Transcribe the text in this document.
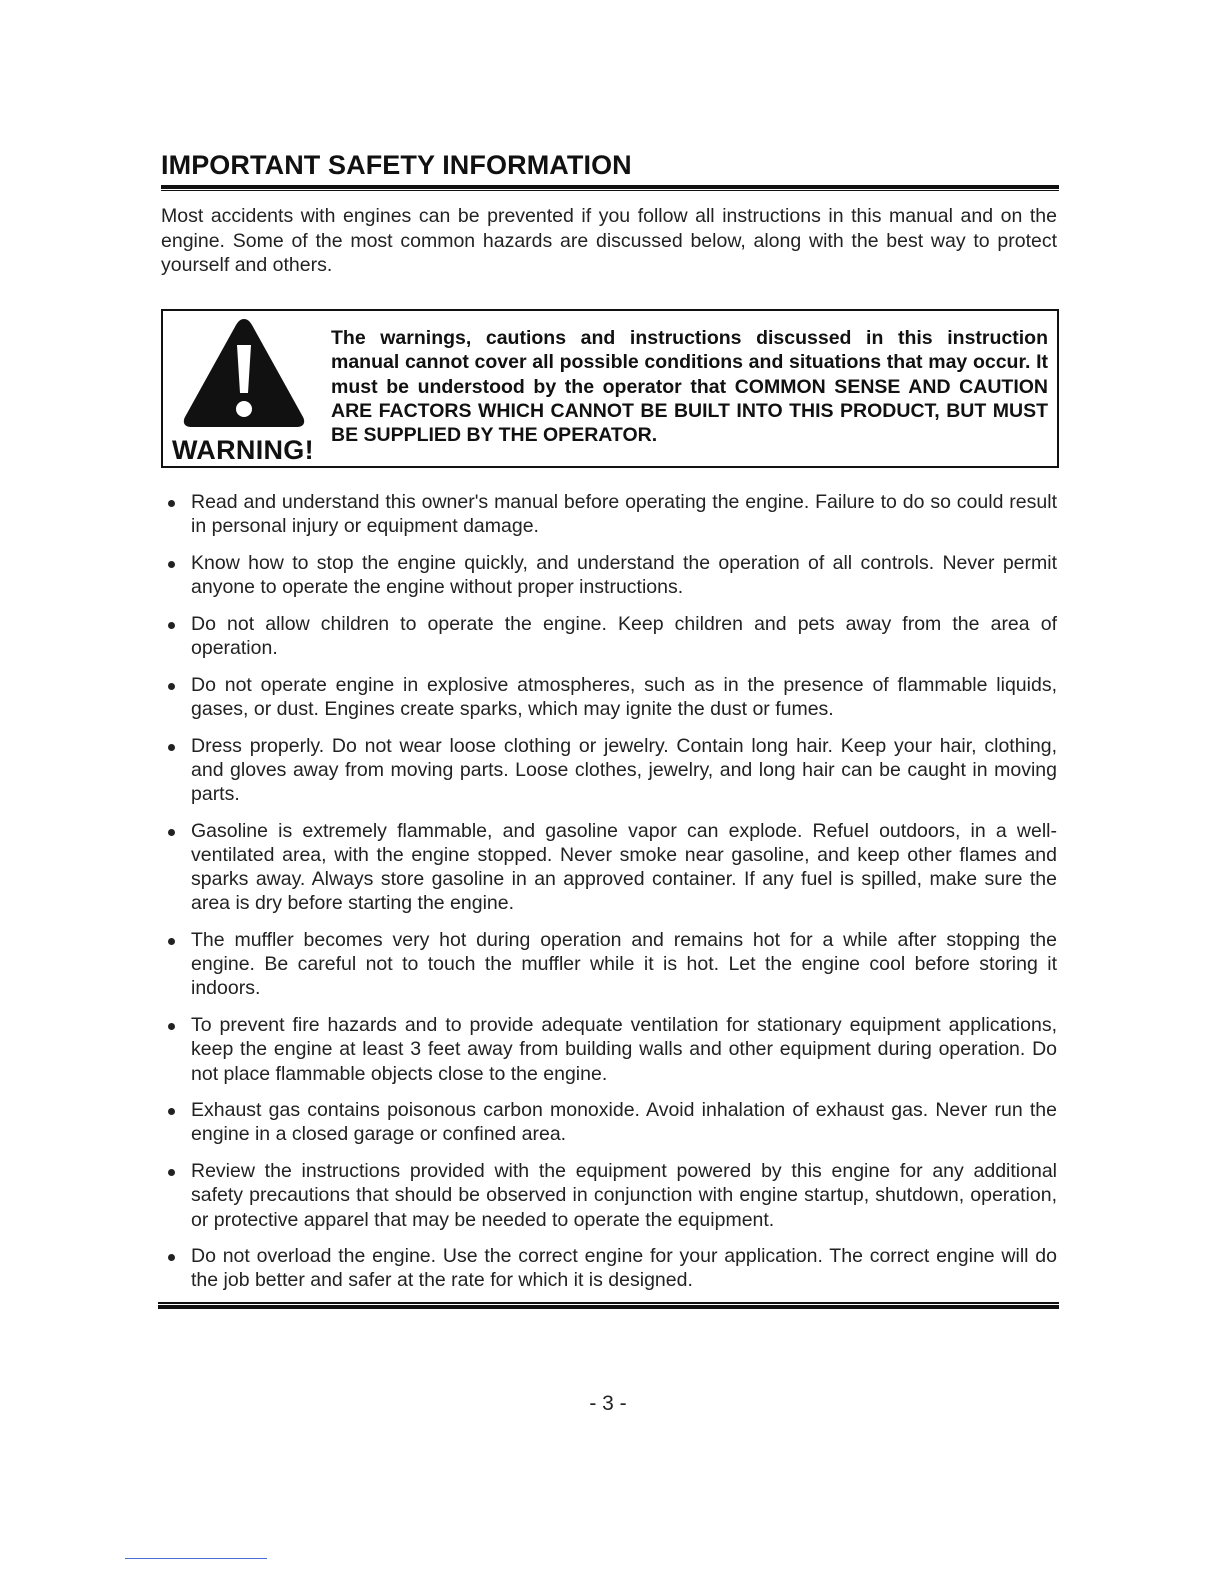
IMPORTANT SAFETY INFORMATION

Most accidents with engines can be prevented if you follow all instructions in this manual and on the engine. Some of the most common hazards are discussed below, along with the best way to protect yourself and others.

WARNING!

The warnings, cautions and instructions discussed in this instruction manual cannot cover all possible conditions and situations that may occur. It must be understood by the operator that COMMON SENSE AND CAUTION ARE FACTORS WHICH CANNOT BE BUILT INTO THIS PRODUCT, BUT MUST BE SUPPLIED BY THE OPERATOR.

Read and understand this owner's manual before operating the engine. Failure to do so could result in personal injury or equipment damage.
Know how to stop the engine quickly, and understand the operation of all controls. Never permit anyone to operate the engine without proper instructions.
Do not allow children to operate the engine. Keep children and pets away from the area of operation.
Do not operate engine in explosive atmospheres, such as in the presence of flammable liquids, gases, or dust. Engines create sparks, which may ignite the dust or fumes.
Dress properly. Do not wear loose clothing or jewelry. Contain long hair. Keep your hair, clothing, and gloves away from moving parts. Loose clothes, jewelry, and long hair can be caught in moving parts.
Gasoline is extremely flammable, and gasoline vapor can explode. Refuel outdoors, in a well-ventilated area, with the engine stopped. Never smoke near gasoline, and keep other flames and sparks away. Always store gasoline in an approved container. If any fuel is spilled, make sure the area is dry before starting the engine.
The muffler becomes very hot during operation and remains hot for a while after stopping the engine. Be careful not to touch the muffler while it is hot. Let the engine cool before storing it indoors.
To prevent fire hazards and to provide adequate ventilation for stationary equipment applications, keep the engine at least 3 feet away from building walls and other equipment during operation. Do not place flammable objects close to the engine.
Exhaust gas contains poisonous carbon monoxide. Avoid inhalation of exhaust gas. Never run the engine in a closed garage or confined area.
Review the instructions provided with the equipment powered by this engine for any additional safety precautions that should be observed in conjunction with engine startup, shutdown, operation, or protective apparel that may be needed to operate the equipment.
Do not overload the engine. Use the correct engine for your application. The correct engine will do the job better and safer at the rate for which it is designed.
- 3 -
